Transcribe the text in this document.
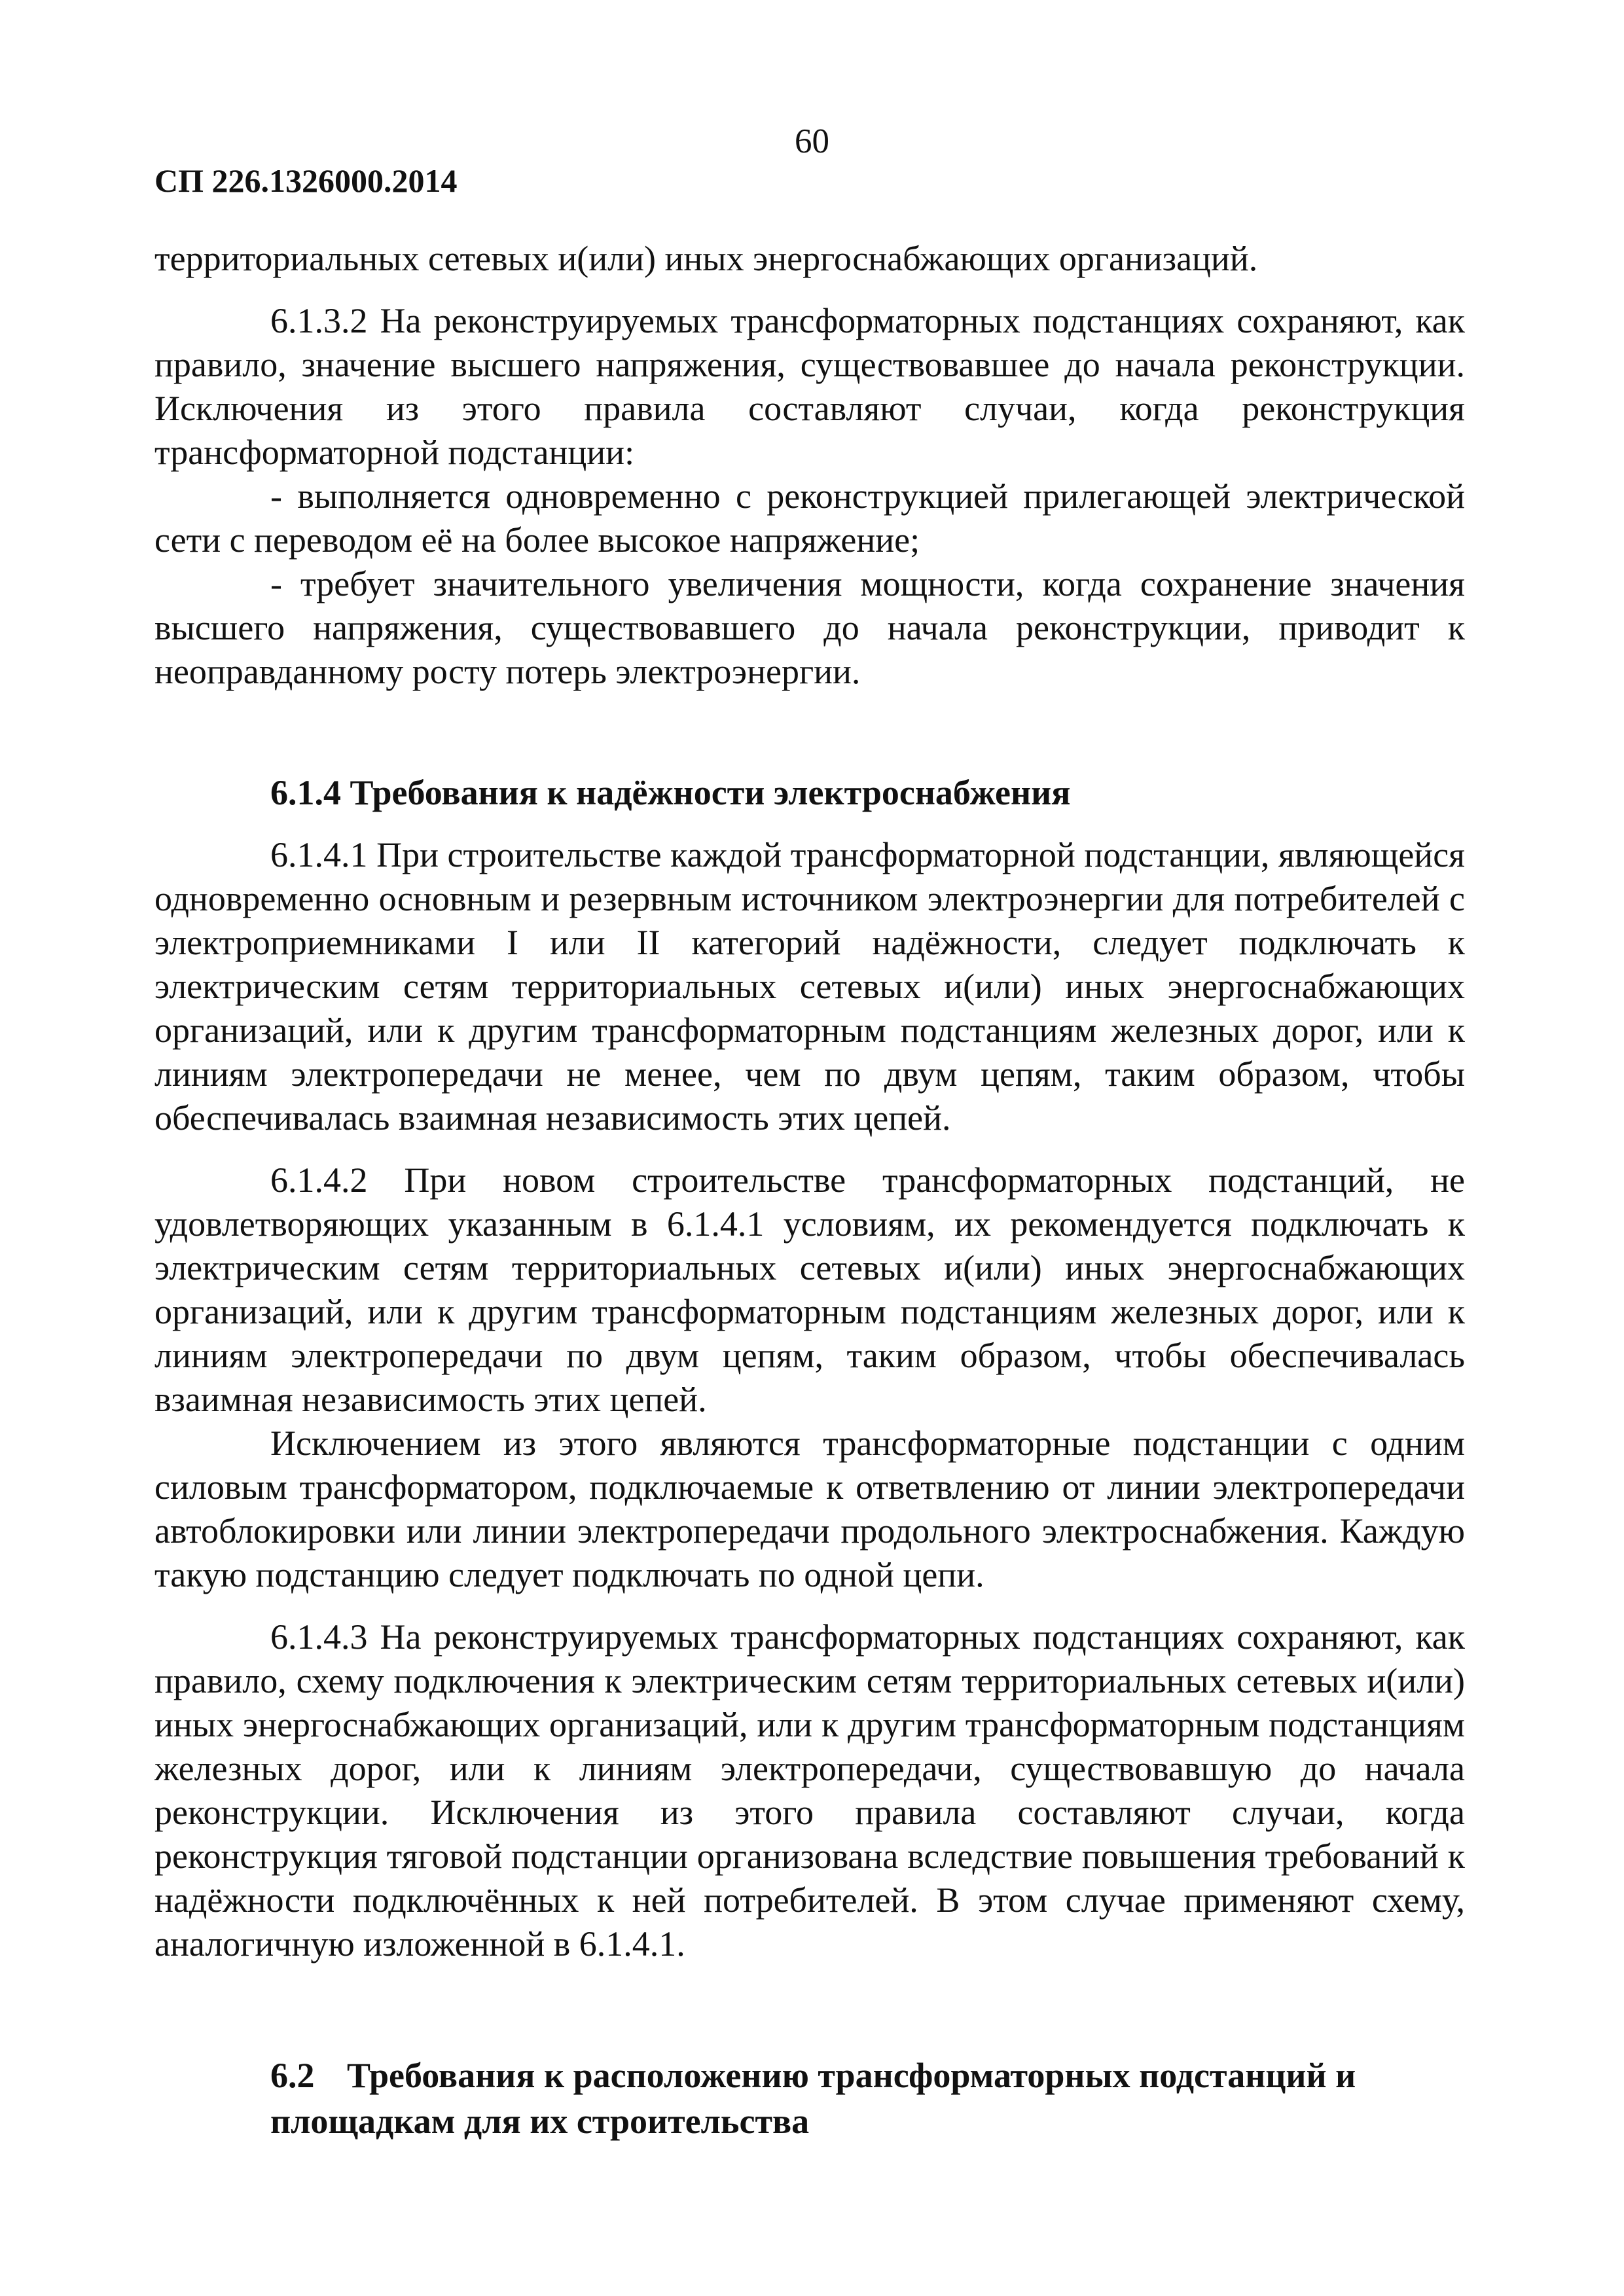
60
СП 226.1326000.2014

территориальных сетевых и(или) иных энергоснабжающих организаций.

6.1.3.2 На реконструируемых трансформаторных подстанциях сохраняют, как правило, значение высшего напряжения, существовавшее до начала реконструкции. Исключения из этого правила составляют случаи, когда реконструкция трансформаторной подстанции:

- выполняется одновременно с реконструкцией прилегающей электрической сети с переводом её на более высокое напряжение;

- требует значительного увеличения мощности, когда сохранение значения высшего напряжения, существовавшего до начала реконструкции, приводит к неоправданному росту потерь электроэнергии.

6.1.4 Требования к надёжности электроснабжения

6.1.4.1 При строительстве каждой трансформаторной подстанции, являющейся одновременно основным и резервным источником электроэнергии для потребителей с электроприемниками I или II категорий надёжности, следует подключать к электрическим сетям территориальных сетевых и(или) иных энергоснабжающих организаций, или к другим трансформаторным подстанциям железных дорог, или к линиям электропередачи не менее, чем по двум цепям, таким образом, чтобы обеспечивалась взаимная независимость этих цепей.

6.1.4.2 При новом строительстве трансформаторных подстанций, не удовлетворяющих указанным в 6.1.4.1 условиям, их рекомендуется подключать к электрическим сетям территориальных сетевых и(или) иных энергоснабжающих организаций, или к другим трансформаторным подстанциям железных дорог, или к линиям электропередачи по двум цепям, таким образом, чтобы обеспечивалась взаимная независимость этих цепей.

Исключением из этого являются трансформаторные подстанции с одним силовым трансформатором, подключаемые к ответвлению от линии электропередачи автоблокировки или линии электропередачи продольного электроснабжения. Каждую такую подстанцию следует подключать по одной цепи.

6.1.4.3 На реконструируемых трансформаторных подстанциях сохраняют, как правило, схему подключения к электрическим сетям территориальных сетевых и(или) иных энергоснабжающих организаций, или к другим трансформаторным подстанциям железных дорог, или к линиям электропередачи, существовавшую до начала реконструкции. Исключения из этого правила составляют случаи, когда реконструкция тяговой подстанции организована вследствие повышения требований к надёжности подключённых к ней потребителей. В этом случае применяют схему, аналогичную изложенной в 6.1.4.1.

6.2 Требования к расположению трансформаторных подстанций и площадкам для их строительства
